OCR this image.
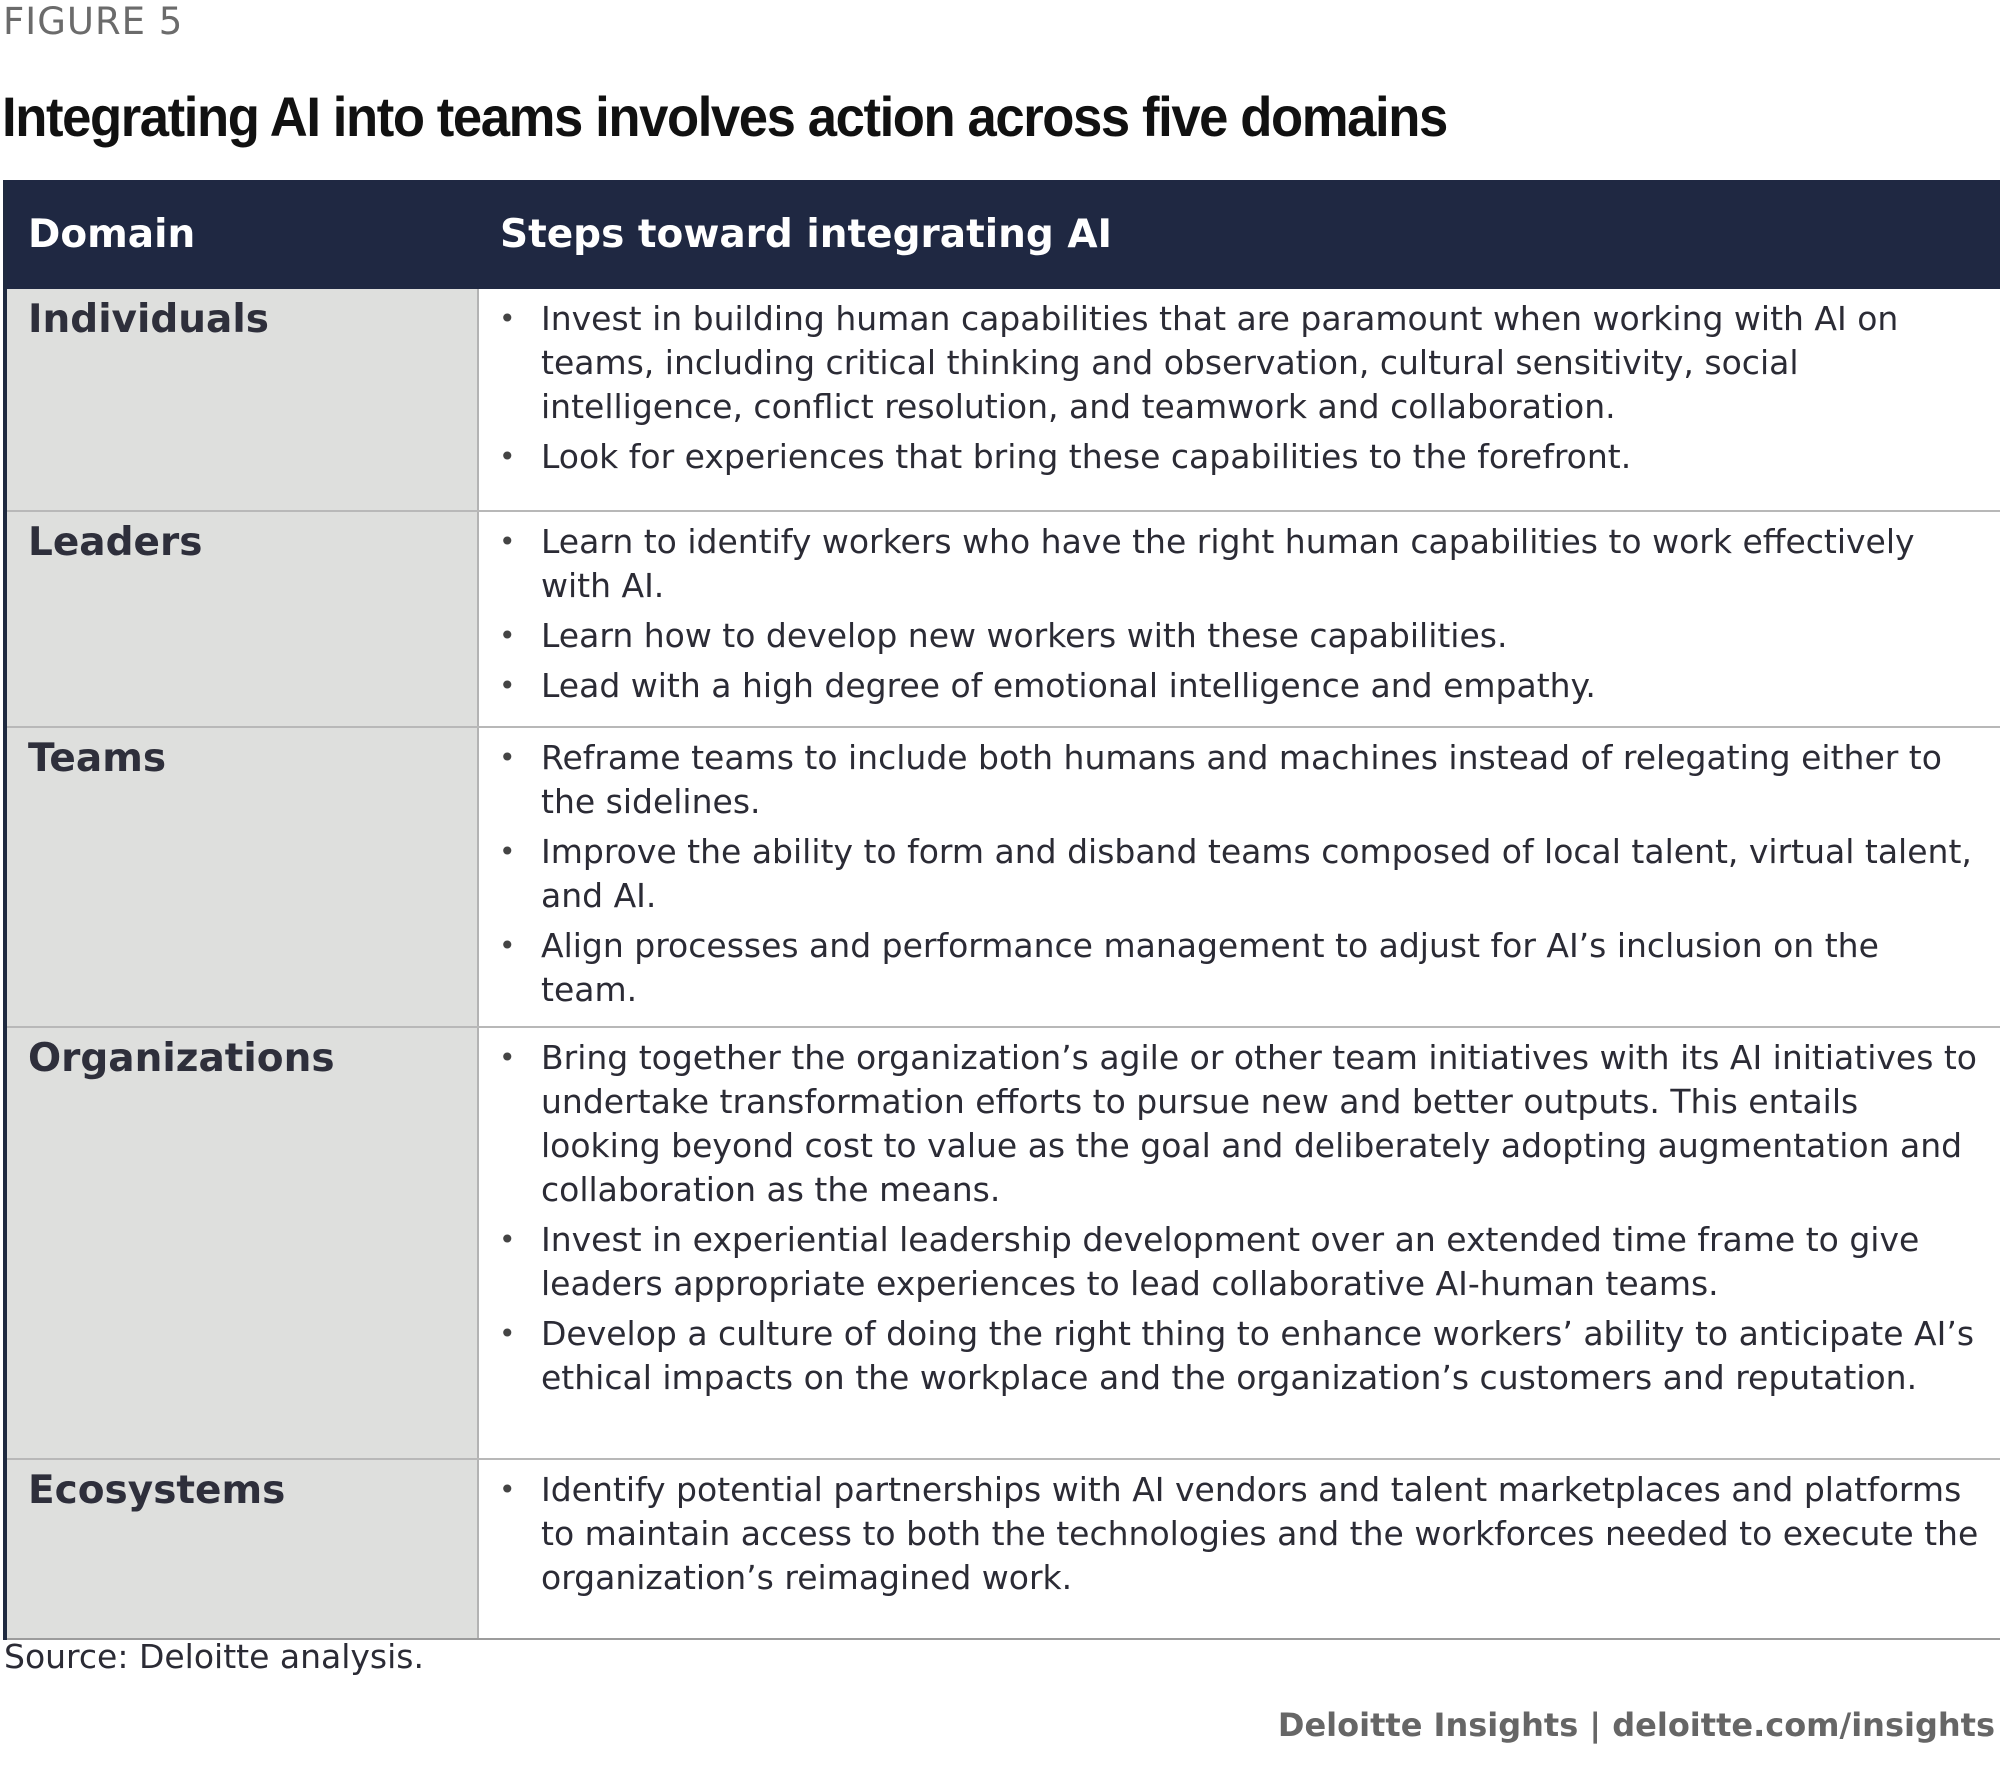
FIGURE 5
Integrating AI into teams involves action across five domains
Domain	Steps toward integrating AI
Individuals	• Invest in building human capabilities that are paramount when working with AI on teams, including critical thinking and observation, cultural sensitivity, social intelligence, conflict resolution, and teamwork and collaboration.
• Look for experiences that bring these capabilities to the forefront.
Leaders	• Learn to identify workers who have the right human capabilities to work effectively with AI.
• Learn how to develop new workers with these capabilities.
• Lead with a high degree of emotional intelligence and empathy.
Teams	• Reframe teams to include both humans and machines instead of relegating either to the sidelines.
• Improve the ability to form and disband teams composed of local talent, virtual talent, and AI.
• Align processes and performance management to adjust for AI’s inclusion on the team.
Organizations	• Bring together the organization’s agile or other team initiatives with its AI initiatives to undertake transformation efforts to pursue new and better outputs. This entails looking beyond cost to value as the goal and deliberately adopting augmentation and collaboration as the means.
• Invest in experiential leadership development over an extended time frame to give leaders appropriate experiences to lead collaborative AI-human teams.
• Develop a culture of doing the right thing to enhance workers’ ability to anticipate AI’s ethical impacts on the workplace and the organization’s customers and reputation.
Ecosystems	• Identify potential partnerships with AI vendors and talent marketplaces and platforms to maintain access to both the technologies and the workforces needed to execute the organization’s reimagined work.
Source: Deloitte analysis.
Deloitte Insights | deloitte.com/insights
